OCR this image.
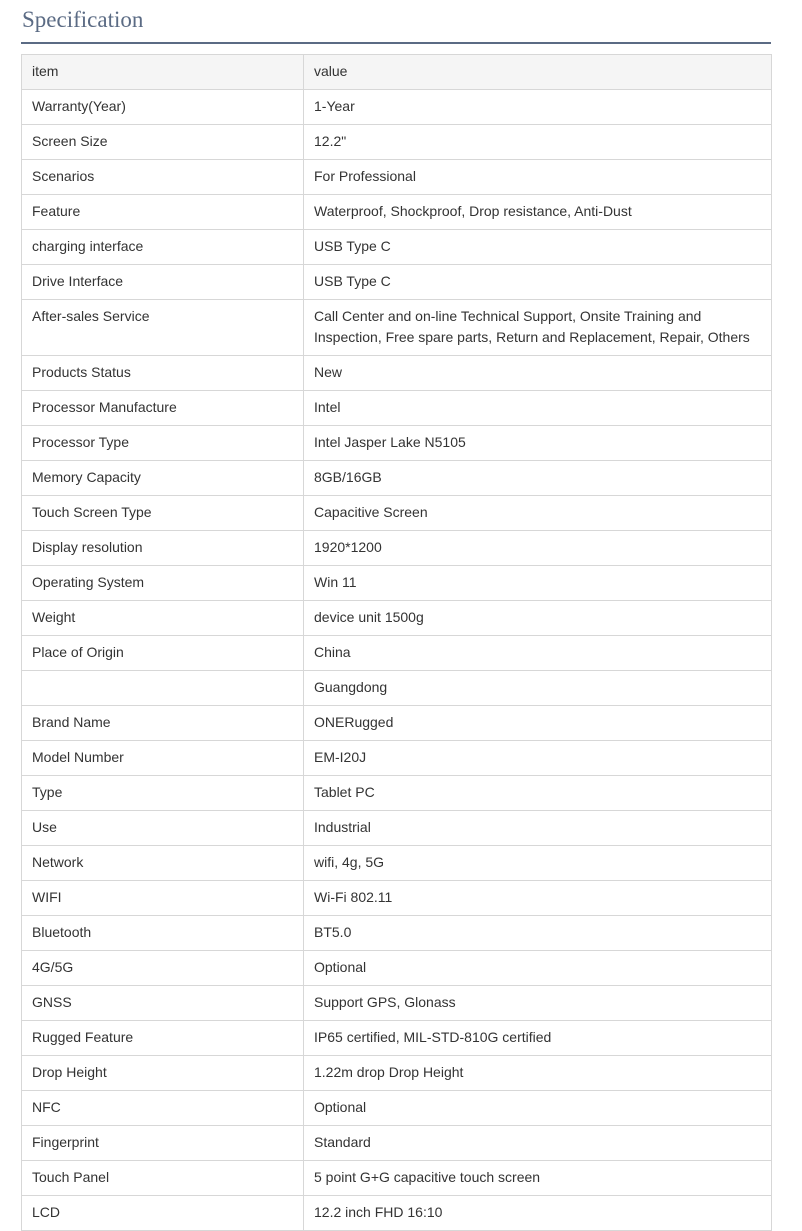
Specification
item	value
Warranty(Year)	1-Year
Screen Size	12.2"
Scenarios	For Professional
Feature	Waterproof, Shockproof, Drop resistance, Anti-Dust
charging interface	USB Type C
Drive Interface	USB Type C
After-sales Service	Call Center and on-line Technical Support, Onsite Training and Inspection, Free spare parts, Return and Replacement, Repair, Others
Products Status	New
Processor Manufacture	Intel
Processor Type	Intel Jasper Lake N5105
Memory Capacity	8GB/16GB
Touch Screen Type	Capacitive Screen
Display resolution	1920*1200
Operating System	Win 11
Weight	device unit 1500g
Place of Origin	China
	Guangdong
Brand Name	ONERugged
Model Number	EM-I20J
Type	Tablet PC
Use	Industrial
Network	wifi, 4g, 5G
WIFI	Wi-Fi 802.11
Bluetooth	BT5.0
4G/5G	Optional
GNSS	Support GPS, Glonass
Rugged Feature	IP65 certified, MIL-STD-810G certified
Drop Height	1.22m drop Drop Height
NFC	Optional
Fingerprint	Standard
Touch Panel	5 point G+G capacitive touch screen
LCD	12.2 inch FHD 16:10
